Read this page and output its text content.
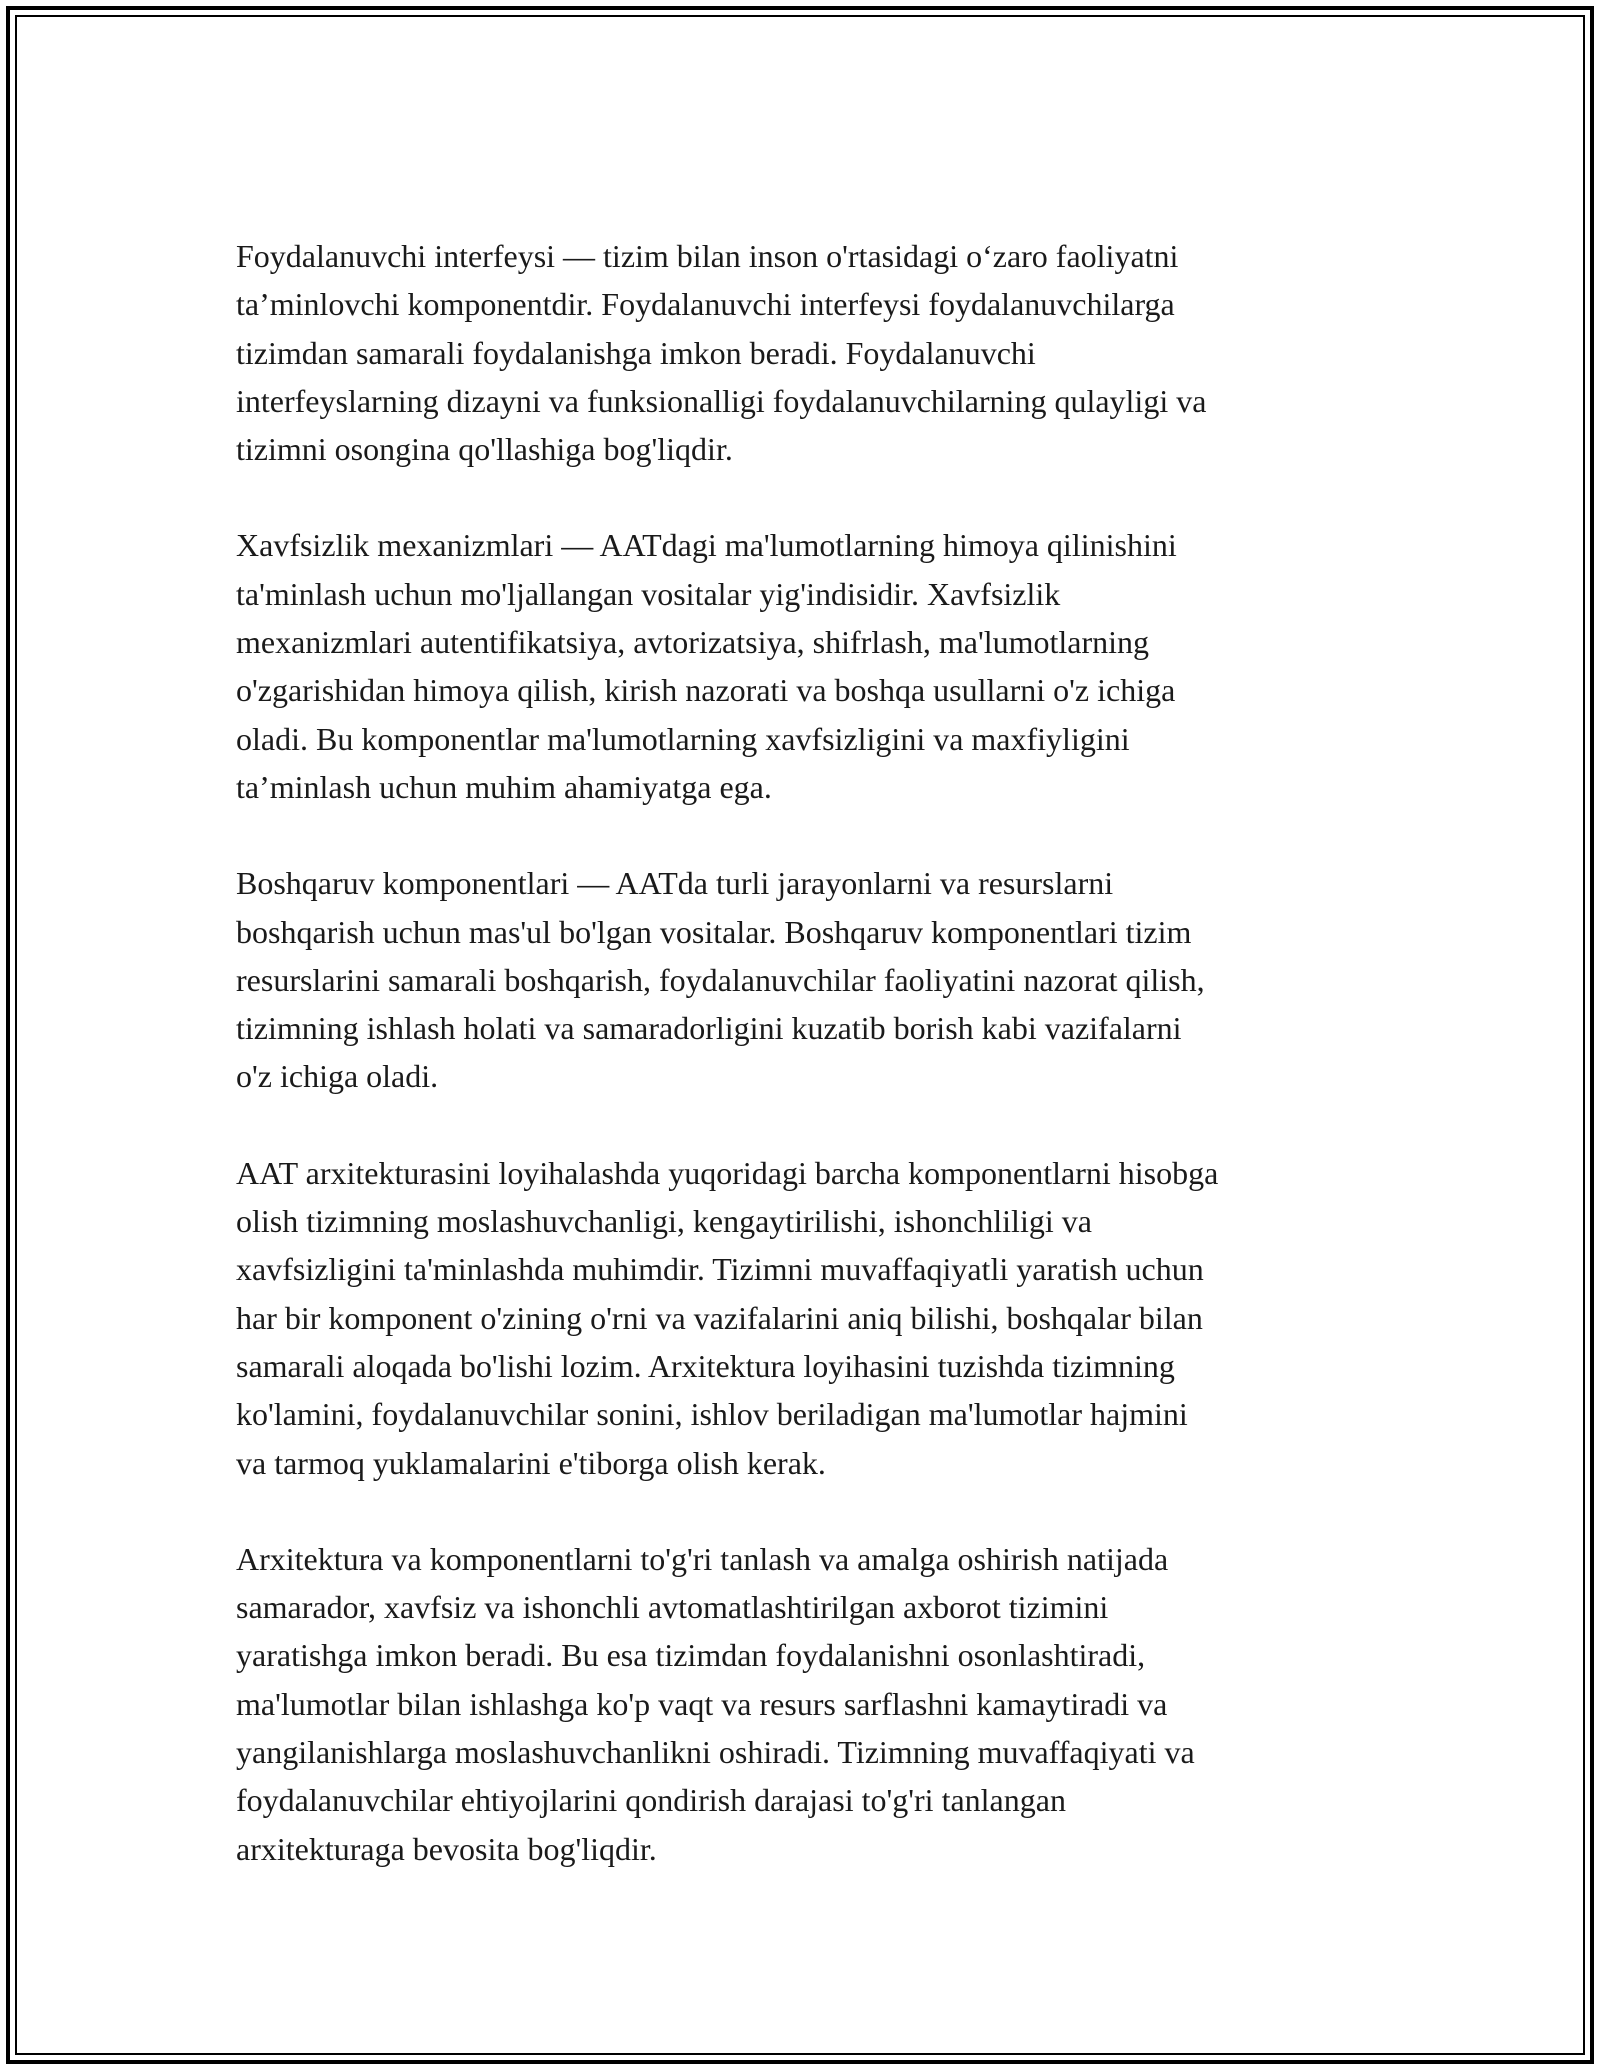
Foydalanuvchi interfeysi — tizim bilan inson o'rtasidagi o‘zaro faoliyatni
ta’minlovchi komponentdir. Foydalanuvchi interfeysi foydalanuvchilarga
tizimdan samarali foydalanishga imkon beradi. Foydalanuvchi
interfeyslarning dizayni va funksionalligi foydalanuvchilarning qulayligi va
tizimni osongina qo'llashiga bog'liqdir.

Xavfsizlik mexanizmlari — AATdagi ma'lumotlarning himoya qilinishini
ta'minlash uchun mo'ljallangan vositalar yig'indisidir. Xavfsizlik
mexanizmlari autentifikatsiya, avtorizatsiya, shifrlash, ma'lumotlarning
o'zgarishidan himoya qilish, kirish nazorati va boshqa usullarni o'z ichiga
oladi. Bu komponentlar ma'lumotlarning xavfsizligini va maxfiyligini
ta’minlash uchun muhim ahamiyatga ega.

Boshqaruv komponentlari — AATda turli jarayonlarni va resurslarni
boshqarish uchun mas'ul bo'lgan vositalar. Boshqaruv komponentlari tizim
resurslarini samarali boshqarish, foydalanuvchilar faoliyatini nazorat qilish,
tizimning ishlash holati va samaradorligini kuzatib borish kabi vazifalarni
o'z ichiga oladi.

AAT arxitekturasini loyihalashda yuqoridagi barcha komponentlarni hisobga
olish tizimning moslashuvchanligi, kengaytirilishi, ishonchliligi va
xavfsizligini ta'minlashda muhimdir. Tizimni muvaffaqiyatli yaratish uchun
har bir komponent o'zining o'rni va vazifalarini aniq bilishi, boshqalar bilan
samarali aloqada bo'lishi lozim. Arxitektura loyihasini tuzishda tizimning
ko'lamini, foydalanuvchilar sonini, ishlov beriladigan ma'lumotlar hajmini
va tarmoq yuklamalarini e'tiborga olish kerak.

Arxitektura va komponentlarni to'g'ri tanlash va amalga oshirish natijada
samarador, xavfsiz va ishonchli avtomatlashtirilgan axborot tizimini
yaratishga imkon beradi. Bu esa tizimdan foydalanishni osonlashtiradi,
ma'lumotlar bilan ishlashga ko'p vaqt va resurs sarflashni kamaytiradi va
yangilanishlarga moslashuvchanlikni oshiradi. Tizimning muvaffaqiyati va
foydalanuvchilar ehtiyojlarini qondirish darajasi to'g'ri tanlangan
arxitekturaga bevosita bog'liqdir.
